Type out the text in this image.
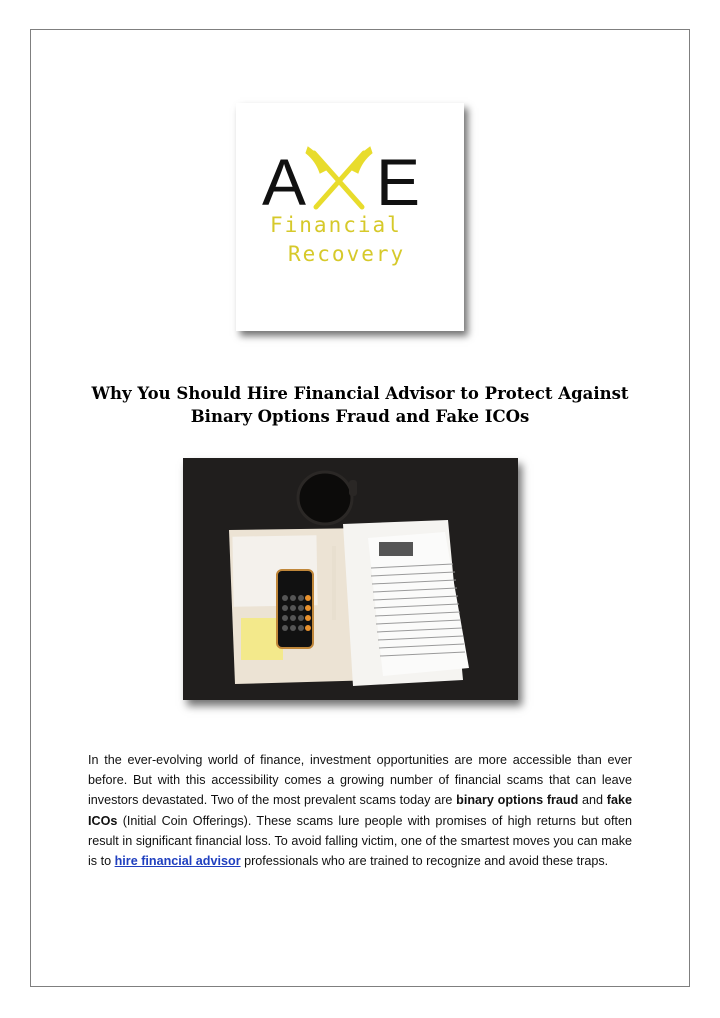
A E
Financial
Recovery
Why You Should Hire Financial Advisor to Protect Against
Binary Options Fraud and Fake ICOs
In the ever-evolving world of finance, investment opportunities are more accessible than ever before. But with this accessibility comes a growing number of financial scams that can leave investors devastated. Two of the most prevalent scams today are binary options fraud and fake ICOs (Initial Coin Offerings). These scams lure people with promises of high returns but often result in significant financial loss. To avoid falling victim, one of the smartest moves you can make is to hire financial advisor professionals who are trained to recognize and avoid these traps.
